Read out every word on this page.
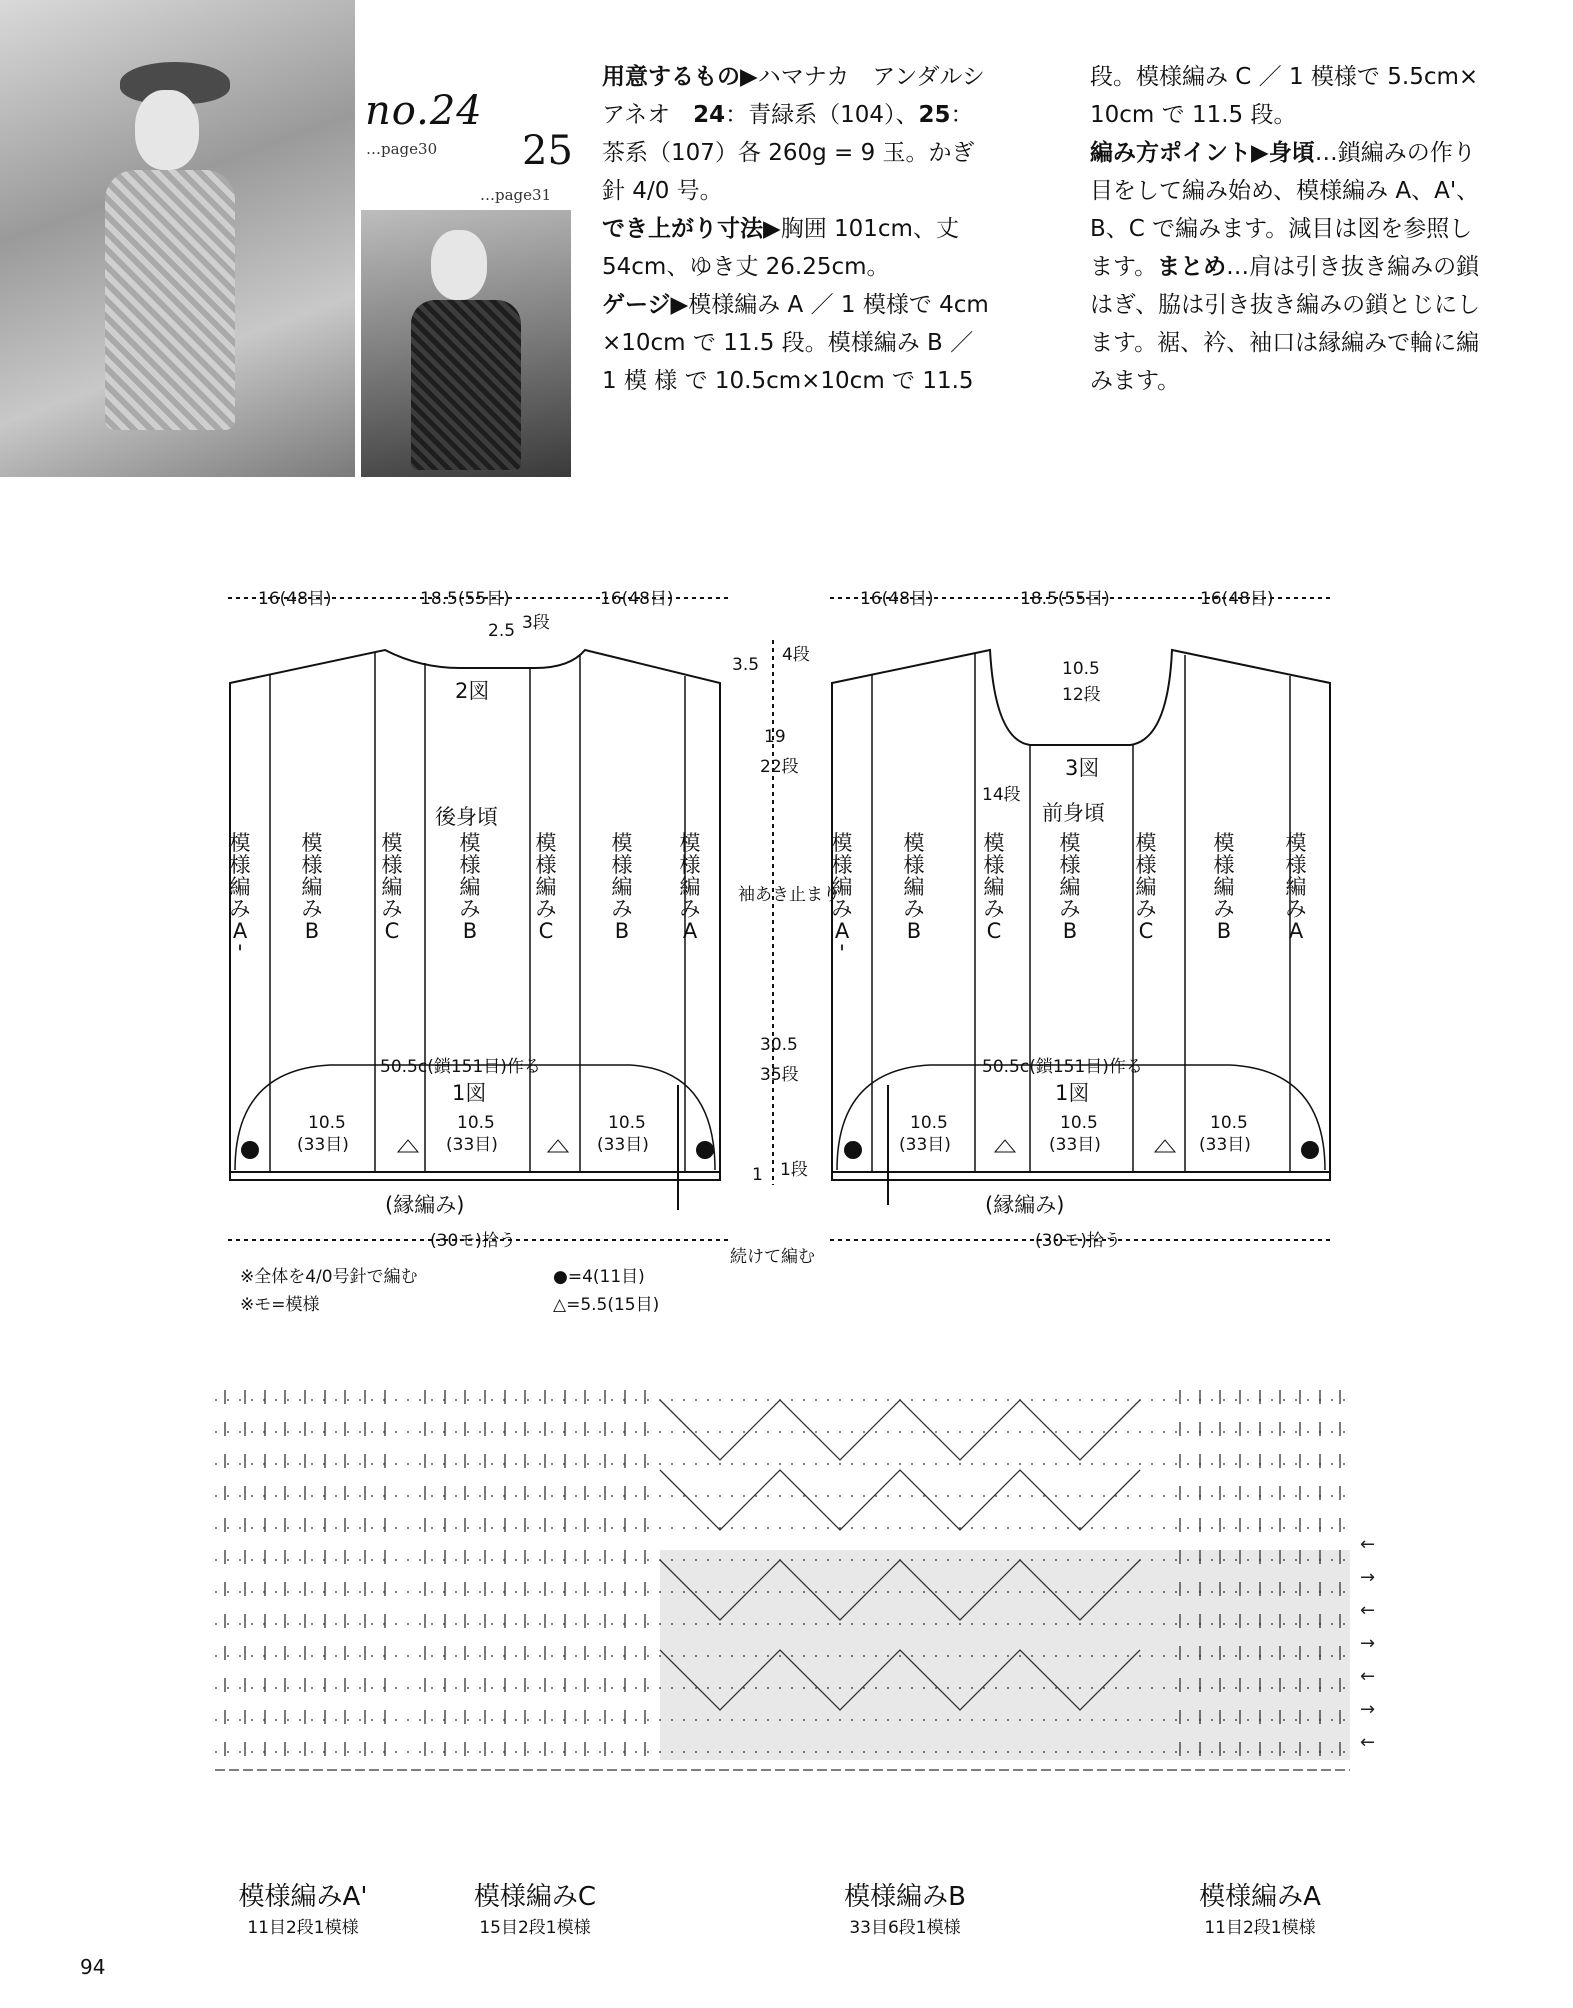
no.24
…page30 25
…page31
用意するもの▶ハマナカ　アンダルシ
アネオ　24：青緑系（104）、25：
茶系（107）各 260g = 9 玉。かぎ
針 4/0 号。
でき上がり寸法▶胸囲 101cm、丈
54cm、ゆき丈 26.25cm。
ゲージ▶模様編み A ／ 1 模様で 4cm
×10cm で 11.5 段。模様編み B ／
1 模 様 で 10.5cm×10cm で 11.5
段。模様編み C ／ 1 模様で 5.5cm×
10cm で 11.5 段。
編み方ポイント▶身頃…鎖編みの作り
目をして編み始め、模様編み A、A'、
B、C で編みます。減目は図を参照し
ます。まとめ…肩は引き抜き編みの鎖
はぎ、脇は引き抜き編みの鎖とじにし
ます。裾、衿、袖口は縁編みで輪に編
みます。
16(48目)	18.5(55目)	16(48目)	16(48目)	18.5(55目)	16(48目)
2.5 3段
2図
後身頃
10.5
12段
3図
前身頃
14段
3.5 4段
19
22段
袖あき止まり
30.5
35段
1 1段
続けて編む
模様編み A '
模様編み B
模様編み C
模様編み B
模様編み C
模様編み B
模様編み A
模様編み A '
模様編み B
模様編み C
模様編み B
模様編み C
模様編み B
模様編み A
50.5c(鎖151目)作る	50.5c(鎖151目)作る
1図	1図
10.5
(33目)
10.5
(33目)
10.5
(33目)
10.5
(33目)
10.5
(33目)
10.5
(33目)
(縁編み)	(縁編み)
(30モ)拾う	(30モ)拾う
※全体を4/0号針で編む
※モ=模様
●=4(11目)
△=5.5(15目)
←
→
←
→
←
→
←
模様編みA'
11目2段1模様
模様編みC
15目2段1模様
模様編みB
33目6段1模様
模様編みA
11目2段1模様
94
